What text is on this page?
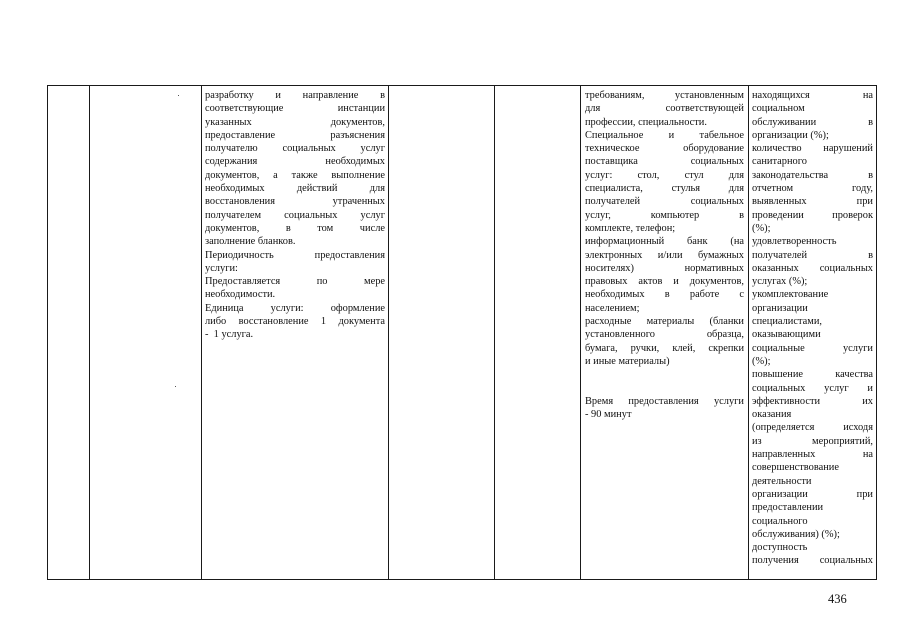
разработку и направление в
соответствующие инстанции
указанных документов,
предоставление разъяснения
получателю социальных услуг
содержания необходимых
документов, а также выполнение
необходимых действий для
восстановления утраченных
получателем социальных услуг
документов, в том числе
заполнение бланков.
Периодичность предоставления
услуги:
Предоставляется по мере
необходимости.
Единица услуги: оформление
либо восстановление 1 документа
-  1 услуга.
требованиям, установленным
для соответствующей
профессии, специальности.
Специальное и табельное
техническое оборудование
поставщика социальных
услуг: стол, стул для
специалиста, стулья для
получателей социальных
услуг, компьютер в
комплекте, телефон;
информационный банк (на
электронных и/или бумажных
носителях) нормативных
правовых актов и документов,
необходимых в работе с
населением;
расходные материалы (бланки
установленного образца,
бумага, ручки, клей, скрепки
и иные материалы)

Время предоставления услуги
- 90 минут
находящихся на
социальном
обслуживании в
организации (%);
количество нарушений
санитарного
законодательства в
отчетном году,
выявленных при
проведении проверок
(%);
удовлетворенность
получателей в
оказанных социальных
услугах (%);
укомплектование
организации
специалистами,
оказывающими
социальные услуги
(%);
повышение качества
социальных услуг и
эффективности их
оказания
(определяется исходя
из мероприятий,
направленных на
совершенствование
деятельности
организации при
предоставлении
социального
обслуживания) (%);
доступность
получения социальных
436
